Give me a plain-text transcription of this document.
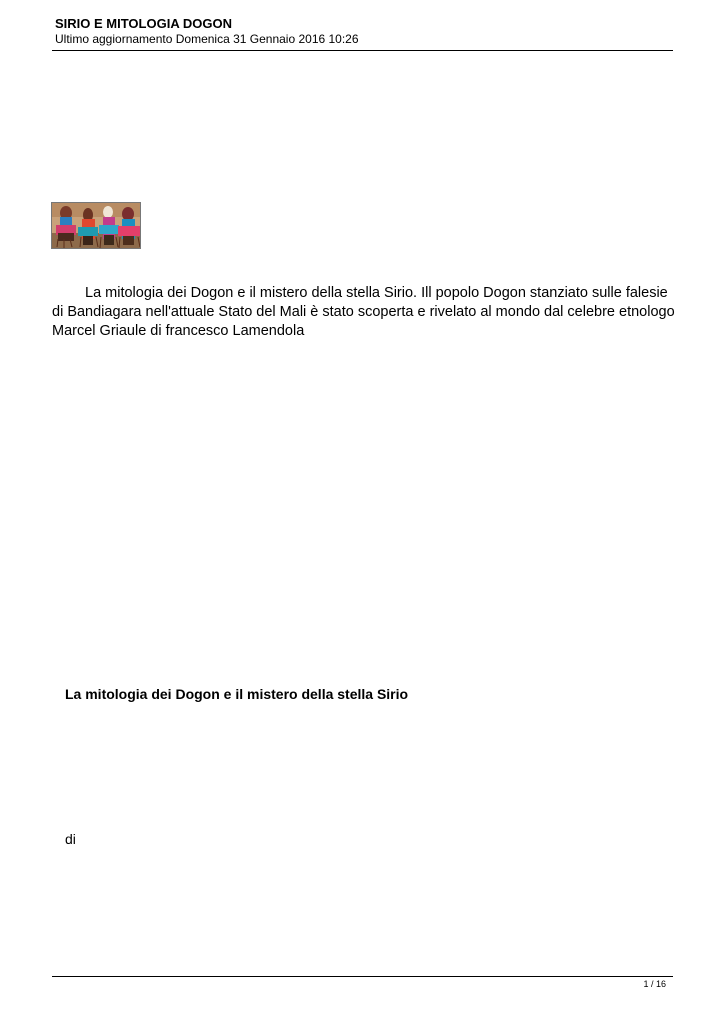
SIRIO E MITOLOGIA DOGON
Ultimo aggiornamento Domenica 31 Gennaio 2016 10:26

La mitologia dei Dogon e il mistero della stella Sirio. Ill popolo Dogon stanziato sulle falesie di Bandiagara nell'attuale Stato del Mali è stato scoperta e rivelato al mondo dal celebre etnologo Marcel Griaule di francesco Lamendola

La mitologia dei Dogon e il mistero della stella Sirio
di
1 / 16
